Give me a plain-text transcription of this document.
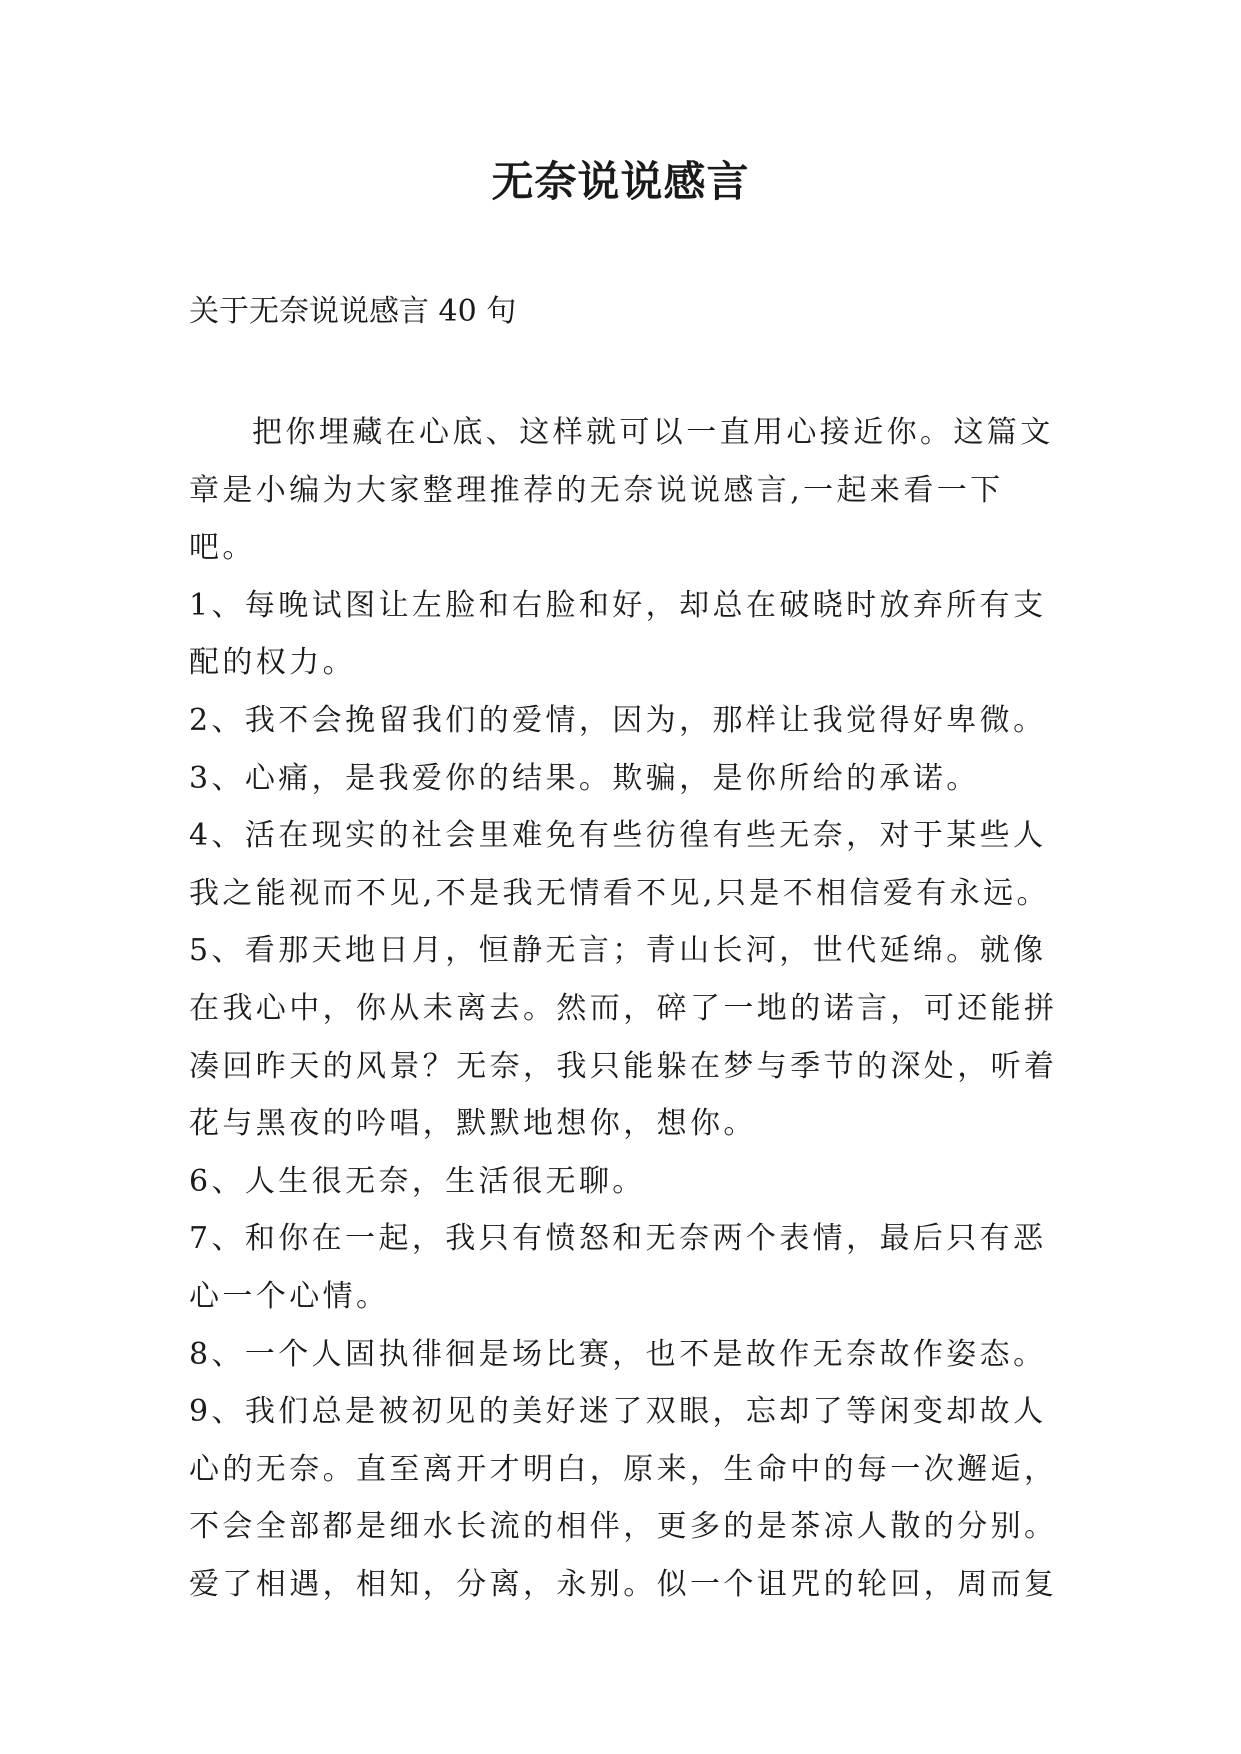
无奈说说感言
关于无奈说说感言 40 句

把你埋藏在心底、这样就可以一直用心接近你。这篇文章是小编为大家整理推荐的无奈说说感言,一起来看一下吧。

1、每晚试图让左脸和右脸和好，却总在破晓时放弃所有支配的权力。

2、我不会挽留我们的爱情，因为，那样让我觉得好卑微。

3、心痛，是我爱你的结果。欺骗，是你所给的承诺。

4、活在现实的社会里难免有些彷徨有些无奈，对于某些人我之能视而不见,不是我无情看不见,只是不相信爱有永远。

5、看那天地日月，恒静无言；青山长河，世代延绵。就像在我心中，你从未离去。然而，碎了一地的诺言，可还能拼凑回昨天的风景？无奈，我只能躲在梦与季节的深处，听着花与黑夜的吟唱，默默地想你，想你。

6、人生很无奈，生活很无聊。

7、和你在一起，我只有愤怒和无奈两个表情，最后只有恶心一个心情。

8、一个人固执徘徊是场比赛，也不是故作无奈故作姿态。

9、我们总是被初见的美好迷了双眼，忘却了等闲变却故人心的无奈。直至离开才明白，原来，生命中的每一次邂逅，不会全部都是细水长流的相伴，更多的是茶凉人散的分别。爱了相遇，相知，分离，永别。似一个诅咒的轮回，周而复
